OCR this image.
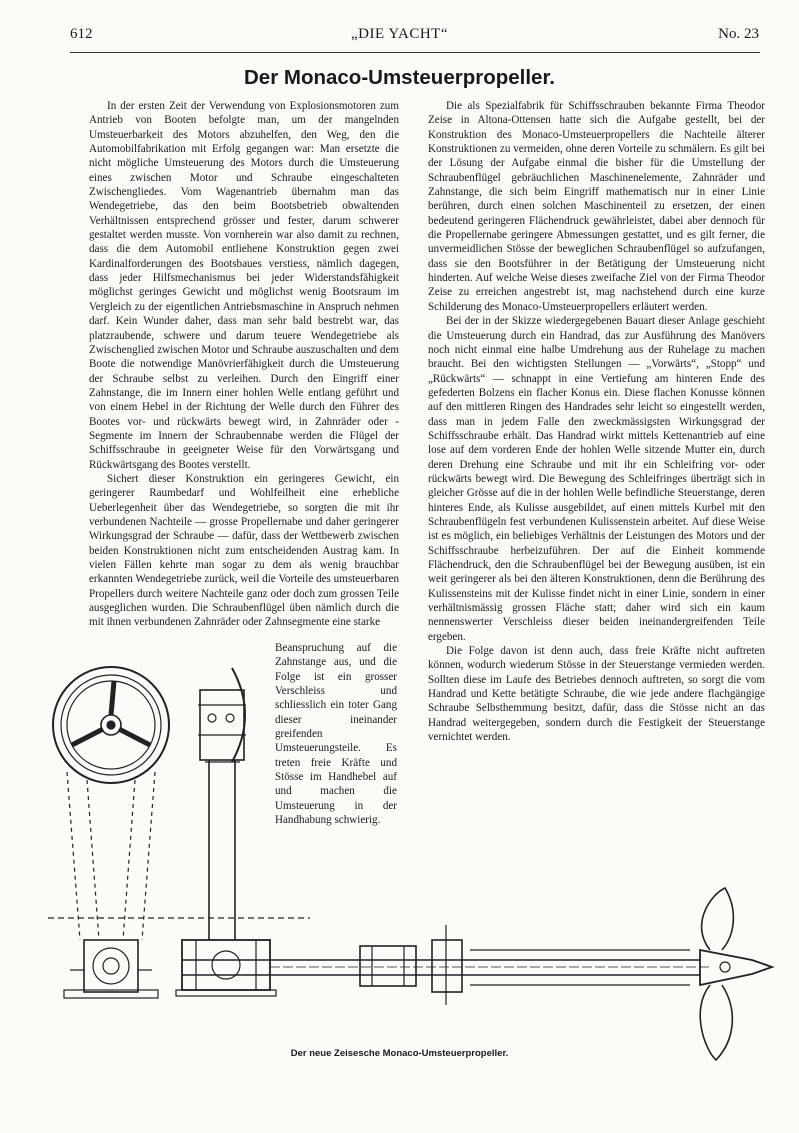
612	„DIE YACHT“	No. 23
Der Monaco-Umsteuerpropeller.

In der ersten Zeit der Verwendung von Explosionsmotoren zum Antrieb von Booten befolgte man, um der mangelnden Umsteuerbarkeit des Motors abzuhelfen, den Weg, den die Automobilfabrikation mit Erfolg gegangen war: Man ersetzte die nicht mögliche Umsteuerung des Motors durch die Umsteuerung eines zwischen Motor und Schraube eingeschalteten Zwischengliedes. Vom Wagenantrieb übernahm man das Wendegetriebe, das den beim Bootsbetrieb obwaltenden Verhältnissen entsprechend grösser und fester, darum schwerer gestaltet werden musste. Von vornherein war also damit zu rechnen, dass die dem Automobil entliehene Konstruktion gegen zwei Kardinalforderungen des Bootsbaues verstiess, nämlich dagegen, dass jeder Hilfsmechanismus bei jeder Widerstandsfähigkeit möglichst geringes Gewicht und möglichst wenig Bootsraum im Vergleich zu der eigentlichen Antriebsmaschine in Anspruch nehmen darf. Kein Wunder daher, dass man sehr bald bestrebt war, das platzraubende, schwere und darum teuere Wendegetriebe als Zwischenglied zwischen Motor und Schraube auszuschalten und dem Boote die notwendige Manövrierfähigkeit durch die Umsteuerung der Schraube selbst zu verleihen. Durch den Eingriff einer Zahnstange, die im Innern einer hohlen Welle entlang geführt und von einem Hebel in der Richtung der Welle durch den Führer des Bootes vor- und rückwärts bewegt wird, in Zahnräder oder -Segmente im Innern der Schraubennabe werden die Flügel der Schiffsschraube in geeigneter Weise für den Vorwärtsgang und Rückwärtsgang des Bootes verstellt.

Sichert dieser Konstruktion ein geringeres Gewicht, ein geringerer Raumbedarf und Wohlfeilheit eine erhebliche Ueberlegenheit über das Wendegetriebe, so sorgten die mit ihr verbundenen Nachteile — grosse Propellernabe und daher geringerer Wirkungsgrad der Schraube — dafür, dass der Wettbewerb zwischen beiden Konstruktionen nicht zum entscheidenden Austrag kam. In vielen Fällen kehrte man sogar zu dem als wenig brauchbar erkannten Wendegetriebe zurück, weil die Vorteile des umsteuerbaren Propellers durch weitere Nachteile ganz oder doch zum grossen Teile ausgeglichen wurden. Die Schraubenflügel üben nämlich durch die mit ihnen verbundenen Zahnräder oder Zahnsegmente eine starke

Beanspruchung auf die Zahnstange aus, und die Folge ist ein grosser Verschleiss und schliesslich ein toter Gang dieser ineinander greifenden Umsteuerungsteile. Es treten freie Kräfte und Stösse im Handhebel auf und machen die Umsteuerung in der Handhabung schwierig.

Die als Spezialfabrik für Schiffsschrauben bekannte Firma Theodor Zeise in Altona-Ottensen hatte sich die Aufgabe gestellt, bei der Konstruktion des Monaco-Umsteuerpropellers die Nachteile älterer Konstruktionen zu vermeiden, ohne deren Vorteile zu schmälern. Es gilt bei der Lösung der Aufgabe einmal die bisher für die Umstellung der Schraubenflügel gebräuchlichen Maschinenelemente, Zahnräder und Zahnstange, die sich beim Eingriff mathematisch nur in einer Linie berühren, durch einen solchen Maschinenteil zu ersetzen, der einen bedeutend geringeren Flächendruck gewährleistet, dabei aber dennoch für die Propellernabe geringere Abmessungen gestattet, und es gilt ferner, die unvermeidlichen Stösse der beweglichen Schraubenflügel so aufzufangen, dass sie den Bootsführer in der Betätigung der Umsteuerung nicht hinderten. Auf welche Weise dieses zweifache Ziel von der Firma Theodor Zeise zu erreichen angestrebt ist, mag nachstehend durch eine kurze Schilderung des Monaco-Umsteuerpropellers erläutert werden.

Bei der in der Skizze wiedergegebenen Bauart dieser Anlage geschieht die Umsteuerung durch ein Handrad, das zur Ausführung des Manövers noch nicht einmal eine halbe Umdrehung aus der Ruhelage zu machen braucht. Bei den wichtigsten Stellungen — „Vorwärts“, „Stopp“ und „Rückwärts“ — schnappt in eine Vertiefung am hinteren Ende des gefederten Bolzens ein flacher Konus ein. Diese flachen Konusse können auf den mittleren Ringen des Handrades sehr leicht so eingestellt werden, dass man in jedem Falle den zweckmässigsten Wirkungsgrad der Schiffsschraube erhält. Das Handrad wirkt mittels Kettenantrieb auf eine lose auf dem vorderen Ende der hohlen Welle sitzende Mutter ein, durch deren Drehung eine Schraube und mit ihr ein Schleifring vor- oder rückwärts bewegt wird. Die Bewegung des Schleifringes überträgt sich in gleicher Grösse auf die in der hohlen Welle befindliche Steuerstange, deren hinteres Ende, als Kulisse ausgebildet, auf einen mittels Kurbel mit den Schraubenflügeln fest verbundenen Kulissenstein arbeitet. Auf diese Weise ist es möglich, ein beliebiges Verhältnis der Leistungen des Motors und der Schiffsschraube herbeizuführen. Der auf die Einheit kommende Flächendruck, den die Schraubenflügel bei der Bewegung ausüben, ist ein weit geringerer als bei den älteren Konstruktionen, denn die Berührung des Kulissensteins mit der Kulisse findet nicht in einer Linie, sondern in einer verhältnismässig grossen Fläche statt; daher wird sich ein kaum nennenswerter Verschleiss dieser beiden ineinandergreifenden Teile ergeben.

Die Folge davon ist denn auch, dass freie Kräfte nicht auftreten können, wodurch wiederum Stösse in der Steuerstange vermieden werden. Sollten diese im Laufe des Betriebes dennoch auftreten, so sorgt die vom Handrad und Kette betätigte Schraube, die wie jede andere flachgängige Schraube Selbsthemmung besitzt, dafür, dass die Stösse nicht an das Handrad weitergegeben, sondern durch die Festigkeit der Steuerstange vernichtet werden.

Der neue Zeisesche Monaco-Umsteuerpropeller.
